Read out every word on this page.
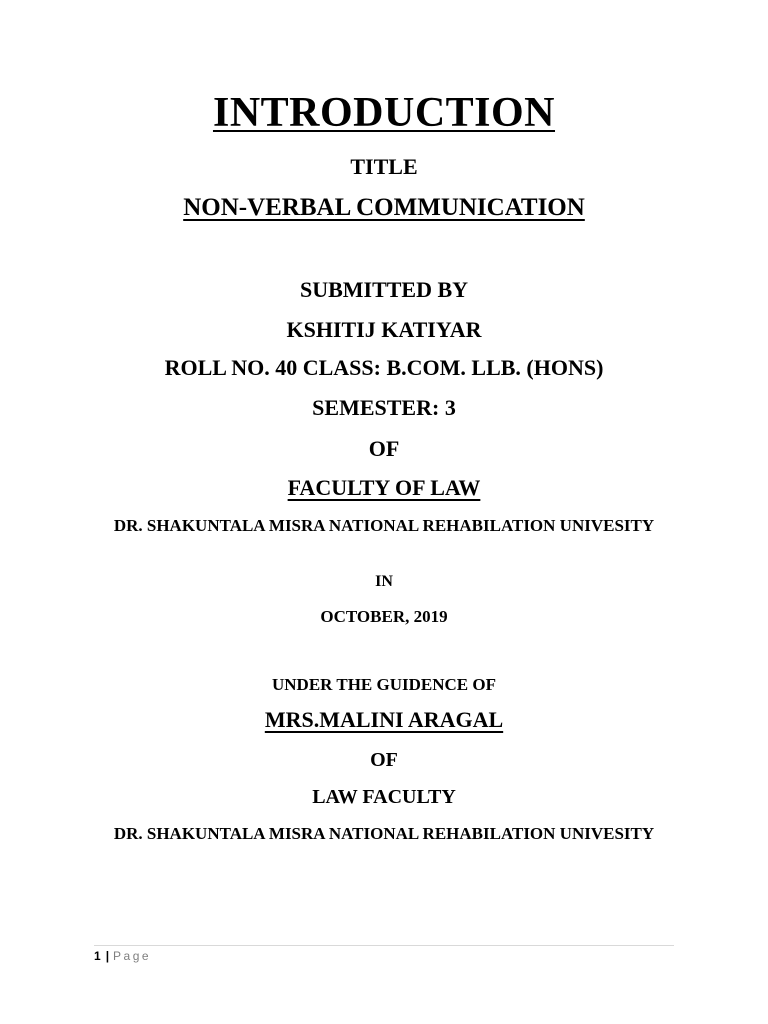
INTRODUCTION
TITLE
NON-VERBAL COMMUNICATION
SUBMITTED BY
KSHITIJ KATIYAR
ROLL NO. 40 CLASS: B.COM. LLB. (HONS)
SEMESTER: 3
OF
FACULTY OF LAW
DR. SHAKUNTALA MISRA NATIONAL REHABILATION UNIVESITY
IN
OCTOBER, 2019
UNDER THE GUIDENCE OF
MRS.MALINI ARAGAL
OF
LAW FACULTY
DR. SHAKUNTALA MISRA NATIONAL REHABILATION UNIVESITY
1 | Page
